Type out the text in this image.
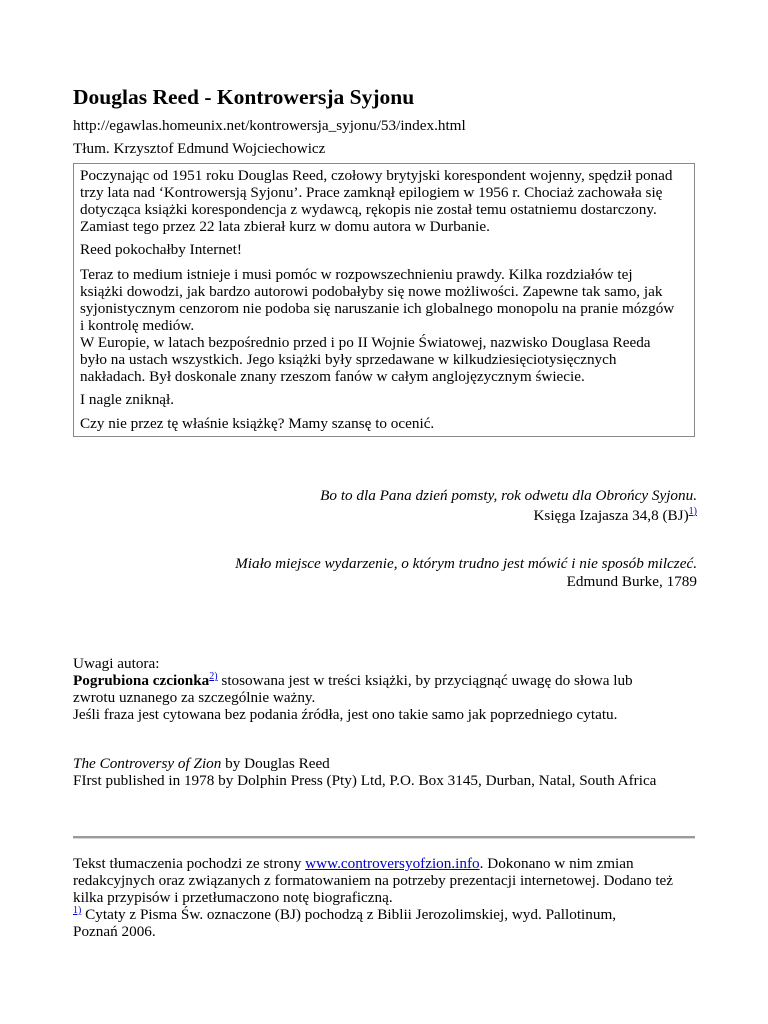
Douglas Reed - Kontrowersja Syjonu
http://egawlas.homeunix.net/kontrowersja_syjonu/53/index.html
Tłum. Krzysztof Edmund Wojciechowicz

Poczynając od 1951 roku Douglas Reed, czołowy brytyjski korespondent wojenny, spędził ponad
trzy lata nad ‘Kontrowersją Syjonu’. Prace zamknął epilogiem w 1956 r. Chociaż zachowała się
dotycząca książki korespondencja z wydawcą, rękopis nie został temu ostatniemu dostarczony.
Zamiast tego przez 22 lata zbierał kurz w domu autora w Durbanie.

Reed pokochałby Internet!

Teraz to medium istnieje i musi pomóc w rozpowszechnieniu prawdy. Kilka rozdziałów tej
książki dowodzi, jak bardzo autorowi podobałyby się nowe możliwości. Zapewne tak samo, jak
syjonistycznym cenzorom nie podoba się naruszanie ich globalnego monopolu na pranie mózgów
i kontrolę mediów.
W Europie, w latach bezpośrednio przed i po II Wojnie Światowej, nazwisko Douglasa Reeda
było na ustach wszystkich. Jego książki były sprzedawane w kilkudziesięciotysięcznych
nakładach. Był doskonale znany rzeszom fanów w całym anglojęzycznym świecie.

I nagle zniknął.

Czy nie przez tę właśnie książkę? Mamy szansę to ocenić.

Bo to dla Pana dzień pomsty, rok odwetu dla Obrońcy Syjonu.
Księga Izajasza 34,8 (BJ)$^{1)}$
Miało miejsce wydarzenie, o którym trudno jest mówić i nie sposób milczeć.
Edmund Burke, 1789
Uwagi autora:
Pogrubiona czcionka$^{2)}$ stosowana jest w treści książki, by przyciągnąć uwagę do słowa lub
zwrotu uznanego za szczególnie ważny.
Jeśli fraza jest cytowana bez podania źródła, jest ono takie samo jak poprzedniego cytatu.
The Controversy of Zion by Douglas Reed
FIrst published in 1978 by Dolphin Press (Pty) Ltd, P.O. Box 3145, Durban, Natal, South Africa
Tekst tłumaczenia pochodzi ze strony www.controversyofzion.info. Dokonano w nim zmian
redakcyjnych oraz związanych z formatowaniem na potrzeby prezentacji internetowej. Dodano też
kilka przypisów i przetłumaczono notę biograficzną.
$^{1)}$ Cytaty z Pisma Św. oznaczone (BJ) pochodzą z Biblii Jerozolimskiej, wyd. Pallotinum,
Poznań 2006.
